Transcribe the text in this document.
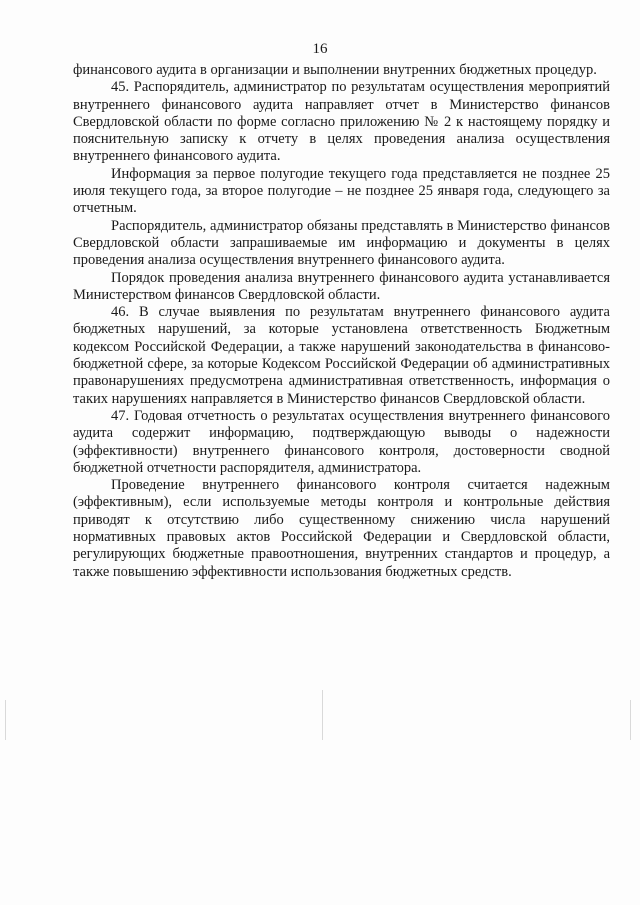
16

финансового аудита в организации и выполнении внутренних бюджетных процедур.

45. Распорядитель, администратор по результатам осуществления мероприятий внутреннего финансового аудита направляет отчет в Министерство финансов Свердловской области по форме согласно приложению № 2 к настоящему порядку и пояснительную записку к отчету в целях проведения анализа осуществления внутреннего финансового аудита.

Информация за первое полугодие текущего года представляется не позднее 25 июля текущего года, за второе полугодие – не позднее 25 января года, следующего за отчетным.

Распорядитель, администратор обязаны представлять в Министерство финансов Свердловской области запрашиваемые им информацию и документы в целях проведения анализа осуществления внутреннего финансового аудита.

Порядок проведения анализа внутреннего финансового аудита устанавливается Министерством финансов Свердловской области.

46. В случае выявления по результатам внутреннего финансового аудита бюджетных нарушений, за которые установлена ответственность Бюджетным кодексом Российской Федерации, а также нарушений законодательства в финансово-бюджетной сфере, за которые Кодексом Российской Федерации об административных правонарушениях предусмотрена административная ответственность, информация о таких нарушениях направляется в Министерство финансов Свердловской области.

47. Годовая отчетность о результатах осуществления внутреннего финансового аудита содержит информацию, подтверждающую выводы о надежности (эффективности) внутреннего финансового контроля, достоверности сводной бюджетной отчетности распорядителя, администратора.

Проведение внутреннего финансового контроля считается надежным (эффективным), если используемые методы контроля и контрольные действия приводят к отсутствию либо существенному снижению числа нарушений нормативных правовых актов Российской Федерации и Свердловской области, регулирующих бюджетные правоотношения, внутренних стандартов и процедур, а также повышению эффективности использования бюджетных средств.
